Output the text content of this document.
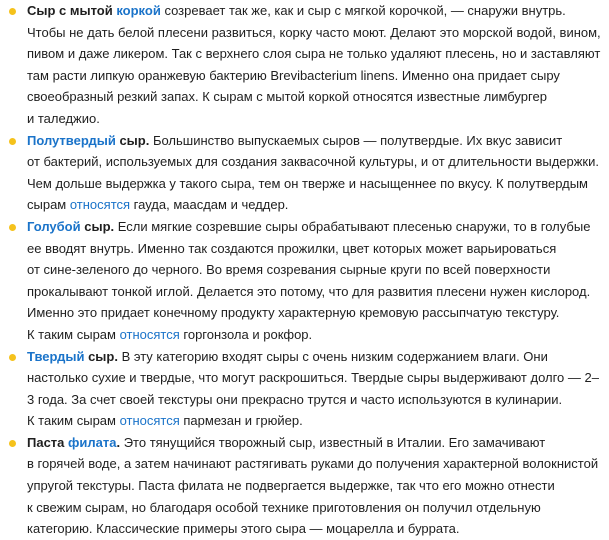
Сыр с мытой коркой созревает так же, как и сыр с мягкой корочкой, — снаружи внутрь.
Чтобы не дать белой плесени развиться, корку часто моют. Делают это морской водой, вином,
пивом и даже ликером. Так с верхнего слоя сыра не только удаляют плесень, но и заставляют
там расти липкую оранжевую бактерию Brevibacterium linens. Именно она придает сыру
своеобразный резкий запах. К сырам с мытой коркой относятся известные лимбургер
и таледжио.
Полутвердый сыр. Большинство выпускаемых сыров — полутвердые. Их вкус зависит
от бактерий, используемых для создания заквасочной культуры, и от длительности выдержки.
Чем дольше выдержка у такого сыра, тем он тверже и насыщеннее по вкусу. К полутвердым
сырам относятся гауда, маасдам и чеддер.
Голубой сыр. Если мягкие созревшие сыры обрабатывают плесенью снаружи, то в голубые
ее вводят внутрь. Именно так создаются прожилки, цвет которых может варьироваться
от сине-зеленого до черного. Во время созревания сырные круги по всей поверхности
прокалывают тонкой иглой. Делается это потому, что для развития плесени нужен кислород.
Именно это придает конечному продукту характерную кремовую рассыпчатую текстуру.
К таким сырам относятся горгонзола и рокфор.
Твердый сыр. В эту категорию входят сыры с очень низким содержанием влаги. Они
настолько сухие и твердые, что могут раскрошиться. Твердые сыры выдерживают долго — 2–
3 года. За счет своей текстуры они прекрасно трутся и часто используются в кулинарии.
К таким сырам относятся пармезан и грюйер.
Паста филата. Это тянущийся творожный сыр, известный в Италии. Его замачивают
в горячей воде, а затем начинают растягивать руками до получения характерной волокнистой
упругой текстуры. Паста филата не подвергается выдержке, так что его можно отнести
к свежим сырам, но благодаря особой технике приготовления он получил отдельную
категорию. Классические примеры этого сыра — моцарелла и буррата.
